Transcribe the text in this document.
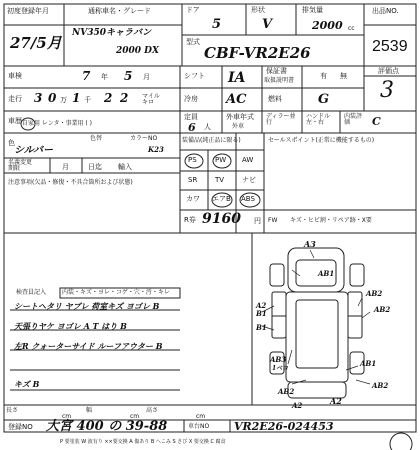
初度登録年月
27/5月
通称車名・グレード
NV350キャラバン
2000 DX
ドア
5
形状
V
排気量
2000 cc
型式
CBF-VR2E26
出品NO.
2539
車検	7 年 5 月	シフト IA	保証書
取扱説明書
有 無
評価点
3
走行 3 0 万 1 千 2 2 マイル キロ	冷房 AC	燃料	G
車歴 自家用 レンタ・事業用 ( )
定員
6 人
外車年式
外車
ディラー並行
ハンドル 左・右
内装評価	C
色
シルバー
色替	カラーNO
K23
名義変更
期限	月	日迄 輸入
注意事項(欠品・修復・不具合箇所および状態)
装備品(純正品に限る)
PS	PW AW
SR	TV	ナビ
カワ エアB ABS
R券 9160 円
セールスポイント(正常に機能するもの)
FW キズ・ヒビ割・リペア跡・X要
検査員記入	内装・キズ・ヨレ・コゲ・穴・汚・キレ
シートヘタリ ヤブレ 荷室キズ ヨゴレ B
天張りヤケ ヨゴレ A T はり B
左R クォーターサイド ルーフアウター B
キズ B
A3
AB1
A2
B1
AB2
AB2
B1
AB3
1ベコ
AB1
AB2
AB2
A2
A2
長さ
cm
幅
cm
高さ
cm
登録NO 大宮 400 の 39-88	車台NO VR2E26-024453
P 要塗装 W 波有り ××要交換 A 傷あり B へこみ S さび X 要交換 C 腐食
